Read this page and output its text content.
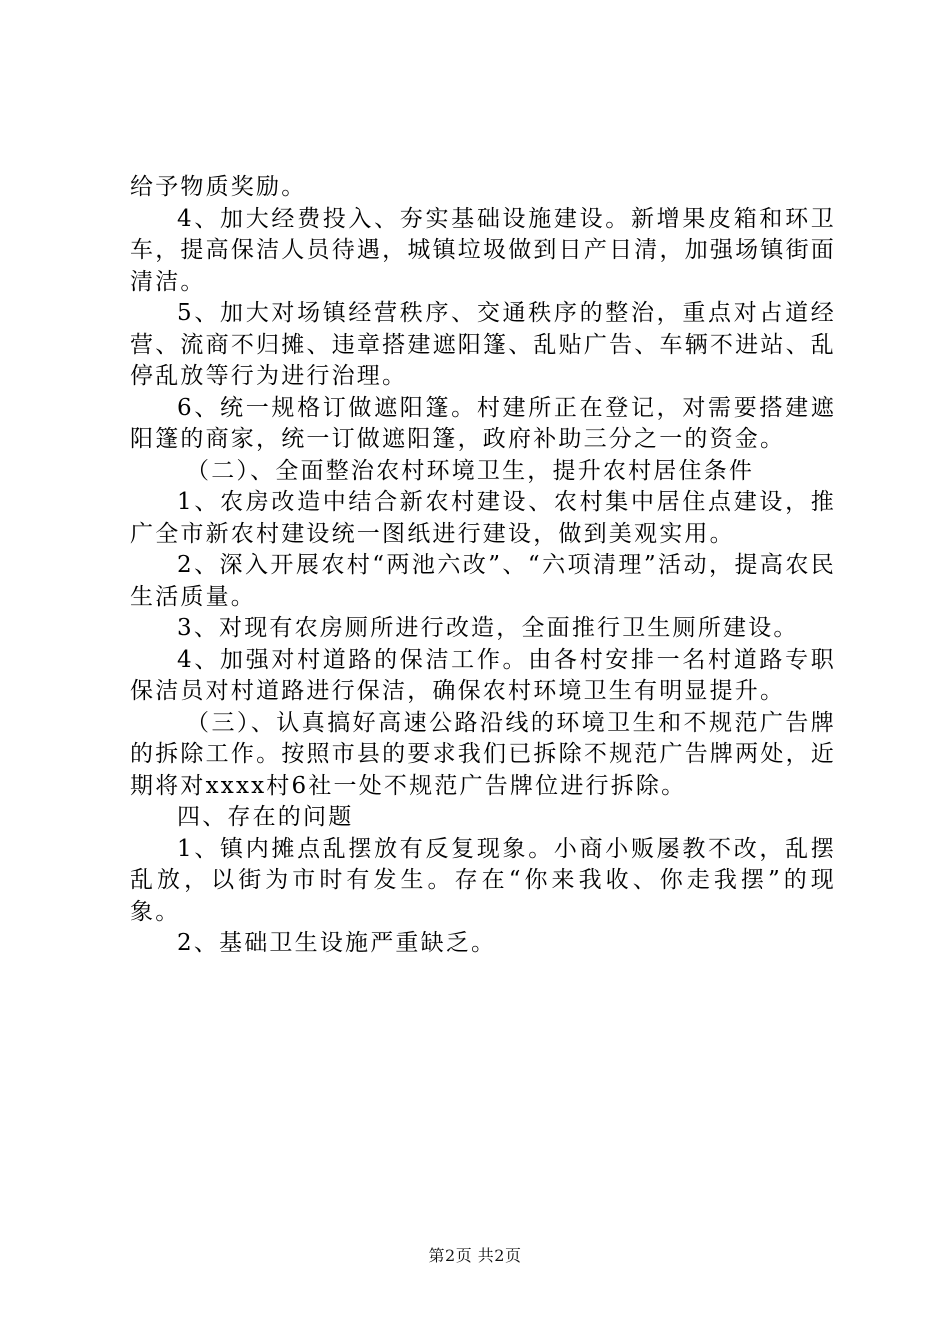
给予物质奖励。

4、加大经费投入、夯实基础设施建设。新增果皮箱和环卫车，提高保洁人员待遇，城镇垃圾做到日产日清，加强场镇街面清洁。

5、加大对场镇经营秩序、交通秩序的整治，重点对占道经营、流商不归摊、违章搭建遮阳篷、乱贴广告、车辆不进站、乱停乱放等行为进行治理。

6、统一规格订做遮阳篷。村建所正在登记，对需要搭建遮阳篷的商家，统一订做遮阳篷，政府补助三分之一的资金。

（二）、全面整治农村环境卫生，提升农村居住条件

1、农房改造中结合新农村建设、农村集中居住点建设，推广全市新农村建设统一图纸进行建设，做到美观实用。

2、深入开展农村“两池六改”、“六项清理”活动，提高农民生活质量。

3、对现有农房厕所进行改造，全面推行卫生厕所建设。

4、加强对村道路的保洁工作。由各村安排一名村道路专职保洁员对村道路进行保洁，确保农村环境卫生有明显提升。

（三）、认真搞好高速公路沿线的环境卫生和不规范广告牌的拆除工作。按照市县的要求我们已拆除不规范广告牌两处，近期将对xxxx村6社一处不规范广告牌位进行拆除。

四、存在的问题

1、镇内摊点乱摆放有反复现象。小商小贩屡教不改，乱摆乱放，以街为市时有发生。存在“你来我收、你走我摆”的现象。

2、基础卫生设施严重缺乏。

第2页 共2页
